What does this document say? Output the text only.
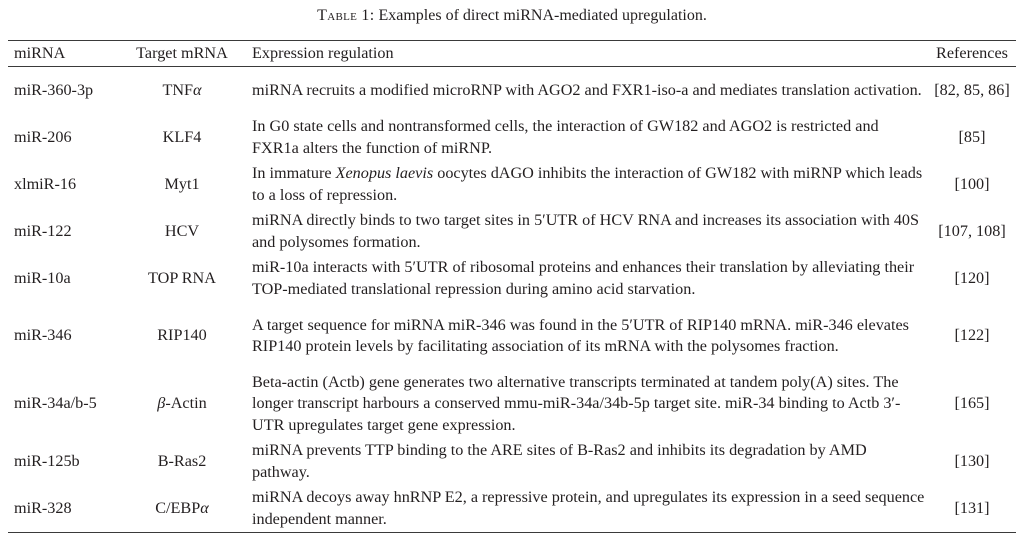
Table 1: Examples of direct miRNA-mediated upregulation.
miRNA	Target mRNA	Expression regulation	References
miR-360-3p	TNFα	miRNA recruits a modified microRNP with AGO2 and FXR1-iso-a and mediates translation activation.	[82, 85, 86]
miR-206	KLF4	In G0 state cells and nontransformed cells, the interaction of GW182 and AGO2 is restricted and FXR1a alters the function of miRNP.	[85]
xlmiR-16	Myt1	In immature Xenopus laevis oocytes dAGO inhibits the interaction of GW182 with miRNP which leads to a loss of repression.	[100]
miR-122	HCV	miRNA directly binds to two target sites in 5′UTR of HCV RNA and increases its association with 40S and polysomes formation.	[107, 108]
miR-10a	TOP RNA	miR-10a interacts with 5′UTR of ribosomal proteins and enhances their translation by alleviating their TOP-mediated translational repression during amino acid starvation.	[120]
miR-346	RIP140	A target sequence for miRNA miR-346 was found in the 5′UTR of RIP140 mRNA. miR-346 elevates RIP140 protein levels by facilitating association of its mRNA with the polysomes fraction.	[122]
miR-34a/b-5	β-Actin	Beta-actin (Actb) gene generates two alternative transcripts terminated at tandem poly(A) sites. The longer transcript harbours a conserved mmu-miR-34a/34b-5p target site. miR-34 binding to Actb 3′-UTR upregulates target gene expression.	[165]
miR-125b	B-Ras2	miRNA prevents TTP binding to the ARE sites of B-Ras2 and inhibits its degradation by AMD pathway.	[130]
miR-328	C/EBPα	miRNA decoys away hnRNP E2, a repressive protein, and upregulates its expression in a seed sequence independent manner.	[131]
